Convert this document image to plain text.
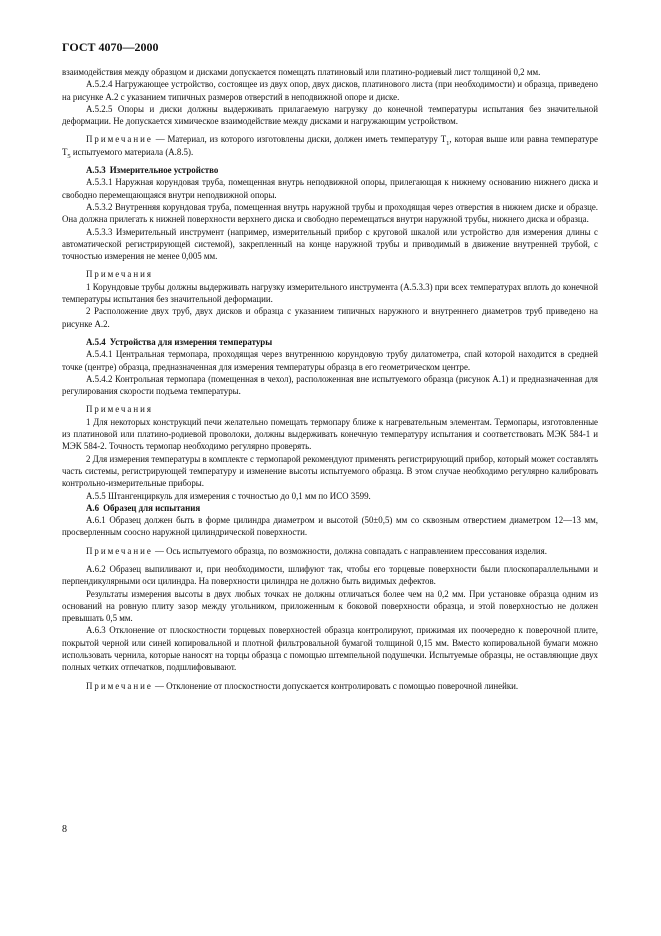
ГОСТ 4070—2000

взаимодействия между образцом и дисками допускается помещать платиновый или платино-родиевый лист толщиной 0,2 мм.

А.5.2.4 Нагружающее устройство, состоящее из двух опор, двух дисков, платинового листа (при необходимости) и образца, приведено на рисунке А.2 с указанием типичных размеров отверстий в неподвижной опоре и диске.

А.5.2.5 Опоры и диски должны выдерживать прилагаемую нагрузку до конечной температуры испытания без значительной деформации. Не допускается химическое взаимодействие между дисками и нагружающим устройством.

Примечание — Материал, из которого изготовлены диски, должен иметь температуру $T_1$, которая выше или равна температуре $T_5$ испытуемого материала (А.8.5).

А.5.3 Измерительное устройство

А.5.3.1 Наружная корундовая труба, помещенная внутрь неподвижной опоры, прилегающая к нижнему основанию нижнего диска и свободно перемещающаяся внутри неподвижной опоры.

А.5.3.2 Внутренняя корундовая труба, помещенная внутрь наружной трубы и проходящая через отверстия в нижнем диске и образце. Она должна прилегать к нижней поверхности верхнего диска и свободно перемещаться внутри наружной трубы, нижнего диска и образца.

А.5.3.3 Измерительный инструмент (например, измерительный прибор с круговой шкалой или устройство для измерения длины с автоматической регистрирующей системой), закрепленный на конце наружной трубы и приводимый в движение внутренней трубой, с точностью измерения не менее 0,005 мм.

Примечания

1 Корундовые трубы должны выдерживать нагрузку измерительного инструмента (А.5.3.3) при всех температурах вплоть до конечной температуры испытания без значительной деформации.

2 Расположение двух труб, двух дисков и образца с указанием типичных наружного и внутреннего диаметров труб приведено на рисунке А.2.

А.5.4 Устройства для измерения температуры

А.5.4.1 Центральная термопара, проходящая через внутреннюю корундовую трубу дилатометра, спай которой находится в средней точке (центре) образца, предназначенная для измерения температуры образца в его геометрическом центре.

А.5.4.2 Контрольная термопара (помещенная в чехол), расположенная вне испытуемого образца (рисунок А.1) и предназначенная для регулирования скорости подъема температуры.

Примечания

1 Для некоторых конструкций печи желательно помещать термопару ближе к нагревательным элементам. Термопары, изготовленные из платиновой или платино-родиевой проволоки, должны выдерживать конечную температуру испытания и соответствовать МЭК 584-1 и МЭК 584-2. Точность термопар необходимо регулярно проверять.

2 Для измерения температуры в комплекте с термопарой рекомендуют применять регистрирующий прибор, который может составлять часть системы, регистрирующей температуру и изменение высоты испытуемого образца. В этом случае необходимо регулярно калибровать контрольно-измерительные приборы.

А.5.5 Штангенциркуль для измерения с точностью до 0,1 мм по ИСО 3599.

А.6 Образец для испытания

А.6.1 Образец должен быть в форме цилиндра диаметром и высотой (50±0,5) мм со сквозным отверстием диаметром 12—13 мм, просверленным соосно наружной цилиндрической поверхности.

Примечание — Ось испытуемого образца, по возможности, должна совпадать с направлением прессования изделия.

А.6.2 Образец выпиливают и, при необходимости, шлифуют так, чтобы его торцевые поверхности были плоскопараллельными и перпендикулярными оси цилиндра. На поверхности цилиндра не должно быть видимых дефектов.

Результаты измерения высоты в двух любых точках не должны отличаться более чем на 0,2 мм. При установке образца одним из оснований на ровную плиту зазор между угольником, приложенным к боковой поверхности образца, и этой поверхностью не должен превышать 0,5 мм.

А.6.3 Отклонение от плоскостности торцевых поверхностей образца контролируют, прижимая их поочередно к поверочной плите, покрытой черной или синей копировальной и плотной фильтровальной бумагой толщиной 0,15 мм. Вместо копировальной бумаги можно использовать чернила, которые наносят на торцы образца с помощью штемпельной подушечки. Испытуемые образцы, не оставляющие двух полных четких отпечатков, подшлифовывают.

Примечание — Отклонение от плоскостности допускается контролировать с помощью поверочной линейки.

8
